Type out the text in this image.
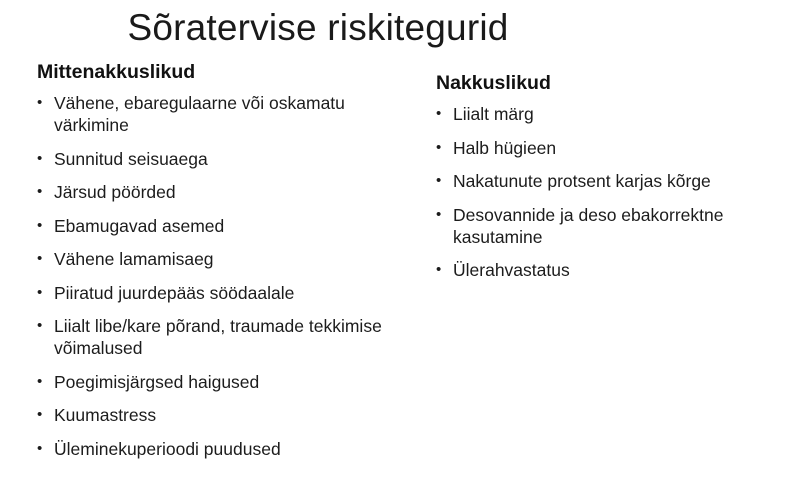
Sõratervise riskitegurid
Mittenakkuslikud
• Vähene, ebaregulaarne või oskamatu värkimine
• Sunnitud seisuaega
• Järsud pöörded
• Ebamugavad asemed
• Vähene lamamisaeg
• Piiratud juurdepääs söödaalale
• Liialt libe/kare põrand, traumade tekkimise võimalused
• Poegimisjärgsed haigused
• Kuumastress
• Üleminekuperioodi puudused
Nakkuslikud
• Liialt märg
• Halb hügieen
• Nakatunute protsent karjas kõrge
• Desovannide ja deso ebakorrektne kasutamine
• Ülerahvastatus
